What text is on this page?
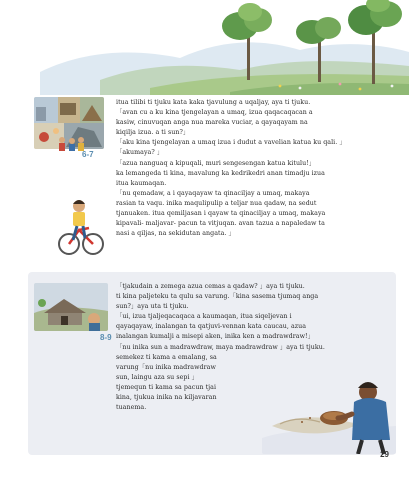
6-7
itua tilibi ti tjuku kata kaka tjavulung a uqaljay, aya ti tjuku.
「avan cu a ku kina tjengelayan a umaq, izua qaqacaqacan a
kasiw, cinuvuqan anga nua mareka vuciar, a qayaqayam na
kiqilja izua. a ti sun?」
「aku kina tjengelayan a umaq izua i dudut a vavelian katua ku qali. 」
「akumaya? 」
「azua nanguaq a kipuqali, muri sengesengan katua kitulu!」
ka lemangeda ti kina, mavalung ka kedrikedri anan timadju izua
itua kaumaqan.
「nu qemadaw, a i qayaqayaw ta qinaciljay a umaq, makaya
rasian ta vaqu. inika maqulipulip a teljar nua qadaw, na sedut
tjanuaken. itua qemiljasan i qayaw ta qinaciljay a umaq, makaya
kipavali- maljavar- pacun ta vitjuqan. avan tazua a napaledaw ta
nasi a qiljas, na sekidutan angata. 」
8-9
「tjakudain a zemega azua cemas a qadaw? 」aya ti tjuku.
ti kina paljeteku ta qulu sa varung.「kina sasema tjumaq anga
sun?」aya uta ti tjuku.
「ui, izua tjaljeqacaqaca a kaumaqan, itua siqeljevan i
qayaqayaw, inalangan ta qatjuvi-vennan kata caucau, azua
inalangan kumalji a misepi aken, inika ken a madrawdraw!」
「nu inika sun a madrawdraw, maya madrawdraw 」aya ti tjuku.
semekez ti kama a emalang, sa
varung「nu inika madrawdraw
sun, laingu aza su sepi 」
tjemequn ti kama sa pacun tjai
kina, tjukua inika na kiljavaran
tuanema.
29
